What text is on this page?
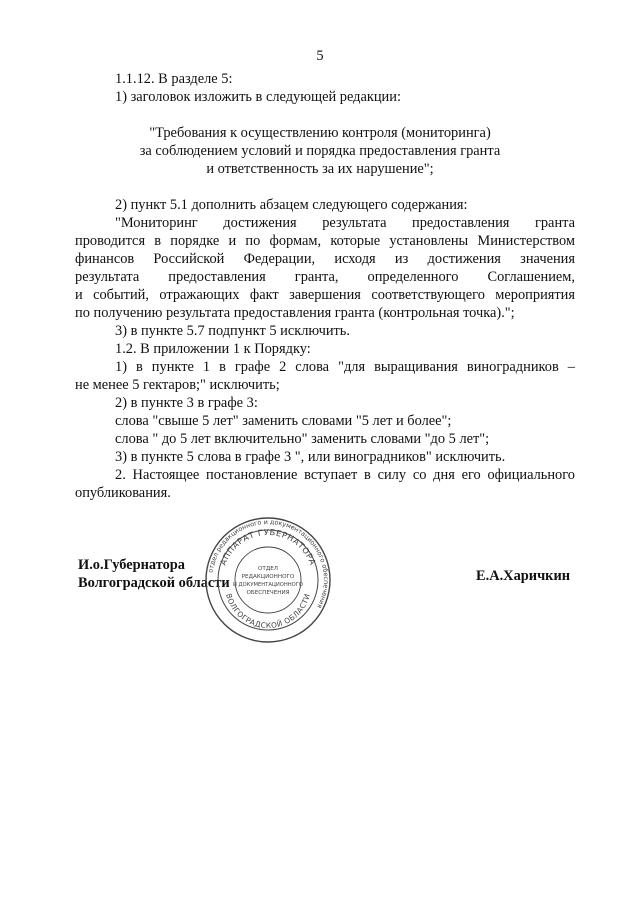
5
1.1.12. В разделе 5:
1) заголовок изложить в следующей редакции:
"Требования к осуществлению контроля (мониторинга)
за соблюдением условий и порядка предоставления гранта
и ответственность за их нарушение";
2) пункт 5.1 дополнить абзацем следующего содержания:
"Мониторинг достижения результата предоставления гранта
проводится в порядке и по формам, которые установлены Министерством
финансов Российской Федерации, исходя из достижения значения
результата предоставления гранта, определенного Соглашением,
и событий, отражающих факт завершения соответствующего мероприятия
по получению результата предоставления гранта (контрольная точка).";
3) в пункте 5.7 подпункт 5 исключить.
1.2. В приложении 1 к Порядку:
1) в пункте 1 в графе 2 слова "для выращивания виноградников –
не менее 5 гектаров;" исключить;
2) в пункте 3 в графе 3:
слова "свыше 5 лет" заменить словами "5 лет и более";
слова " до 5 лет включительно" заменить словами "до 5 лет";
3) в пункте 5 слова в графе 3 ", или виноградников" исключить.
2. Настоящее постановление вступает в силу со дня его официального
опубликования.
И.о.Губернатора
Волгоградской области	Е.А.Харичкин
отдел редакционного и документационного обеспечения
АППАРАТ ГУБЕРНАТОРА
ВОЛГОГРАДСКОЙ ОБЛАСТИ
ОТДЕЛ
РЕДАКЦИОННОГО
И ДОКУМЕНТАЦИОННОГО
ОБЕСПЕЧЕНИЯ
